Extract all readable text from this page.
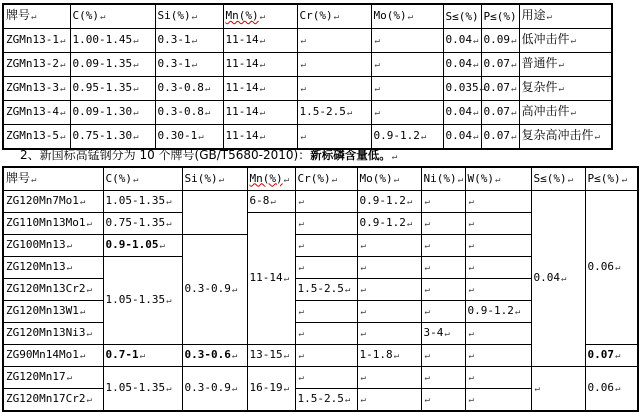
牌号↵	C(%)↵	Si(%)↵	Mn(%)↵	Cr(%)↵	Mo(%)↵	S≤(%)	P≤(%)	用途↵
ZGMn13-1↵	1.00-1.45↵	0.3-1↵	11-14↵	↵	↵	0.04↵	0.09↵	低冲击件↵
ZGMn13-2↵	0.09-1.35↵	0.3-1↵	11-14↵	↵	↵	0.04↵	0.07↵	普通件↵
ZGMn13-3↵	0.95-1.35↵	0.3-0.8↵	11-14↵	↵	↵	0.035↵	0.07↵	复杂件↵
ZGMn13-4↵	0.09-1.30↵	0.3-0.8↵	11-14↵	1.5-2.5↵	↵	0.04↵	0.07↵	高冲击件↵
ZGMn13-5↵	0.75-1.30↵	0.30-1↵	11-14↵	↵	0.9-1.2↵	0.04↵	0.07↵	复杂高冲击件↵
2、新国标高锰钢分为 10 个牌号(GB/T5680-2010)：新标磷含量低。↵
牌号↵	C(%)↵	Si(%)↵	Mn(%)↵	Cr(%)↵	Mo(%)↵	Ni(%)↵	W(%)↵	S≤(%)↵	P≤(%)↵
ZG120Mn7Mo1↵	1.05-1.35↵		6-8↵	↵	0.9-1.2↵	↵	↵	0.04↵	0.06↵
ZG110Mn13Mo1↵	0.75-1.35↵		11-14↵	↵	0.9-1.2↵	↵	↵		
ZG100Mn13↵	0.9-1.05↵	0.3-0.9↵		↵	↵	↵	↵		
ZG120Mn13↵	1.05-1.35↵			↵	↵	↵	↵		
ZG120Mn13Cr2↵				1.5-2.5↵	↵	↵	↵		
ZG120Mn13W1↵				↵	↵	↵	0.9-1.2↵		
ZG120Mn13Ni3↵				↵	↵	3-4↵	↵		
ZG90Mn14Mo1↵	0.7-1↵	0.3-0.6↵	13-15↵	↵	1-1.8↵	↵	↵		0.07↵
ZG120Mn17↵	1.05-1.35↵	0.3-0.9↵	16-19↵	↵	↵	↵	↵	↵	0.06↵
ZG120Mn17Cr2↵				1.5-2.5↵	↵	↵	↵		
